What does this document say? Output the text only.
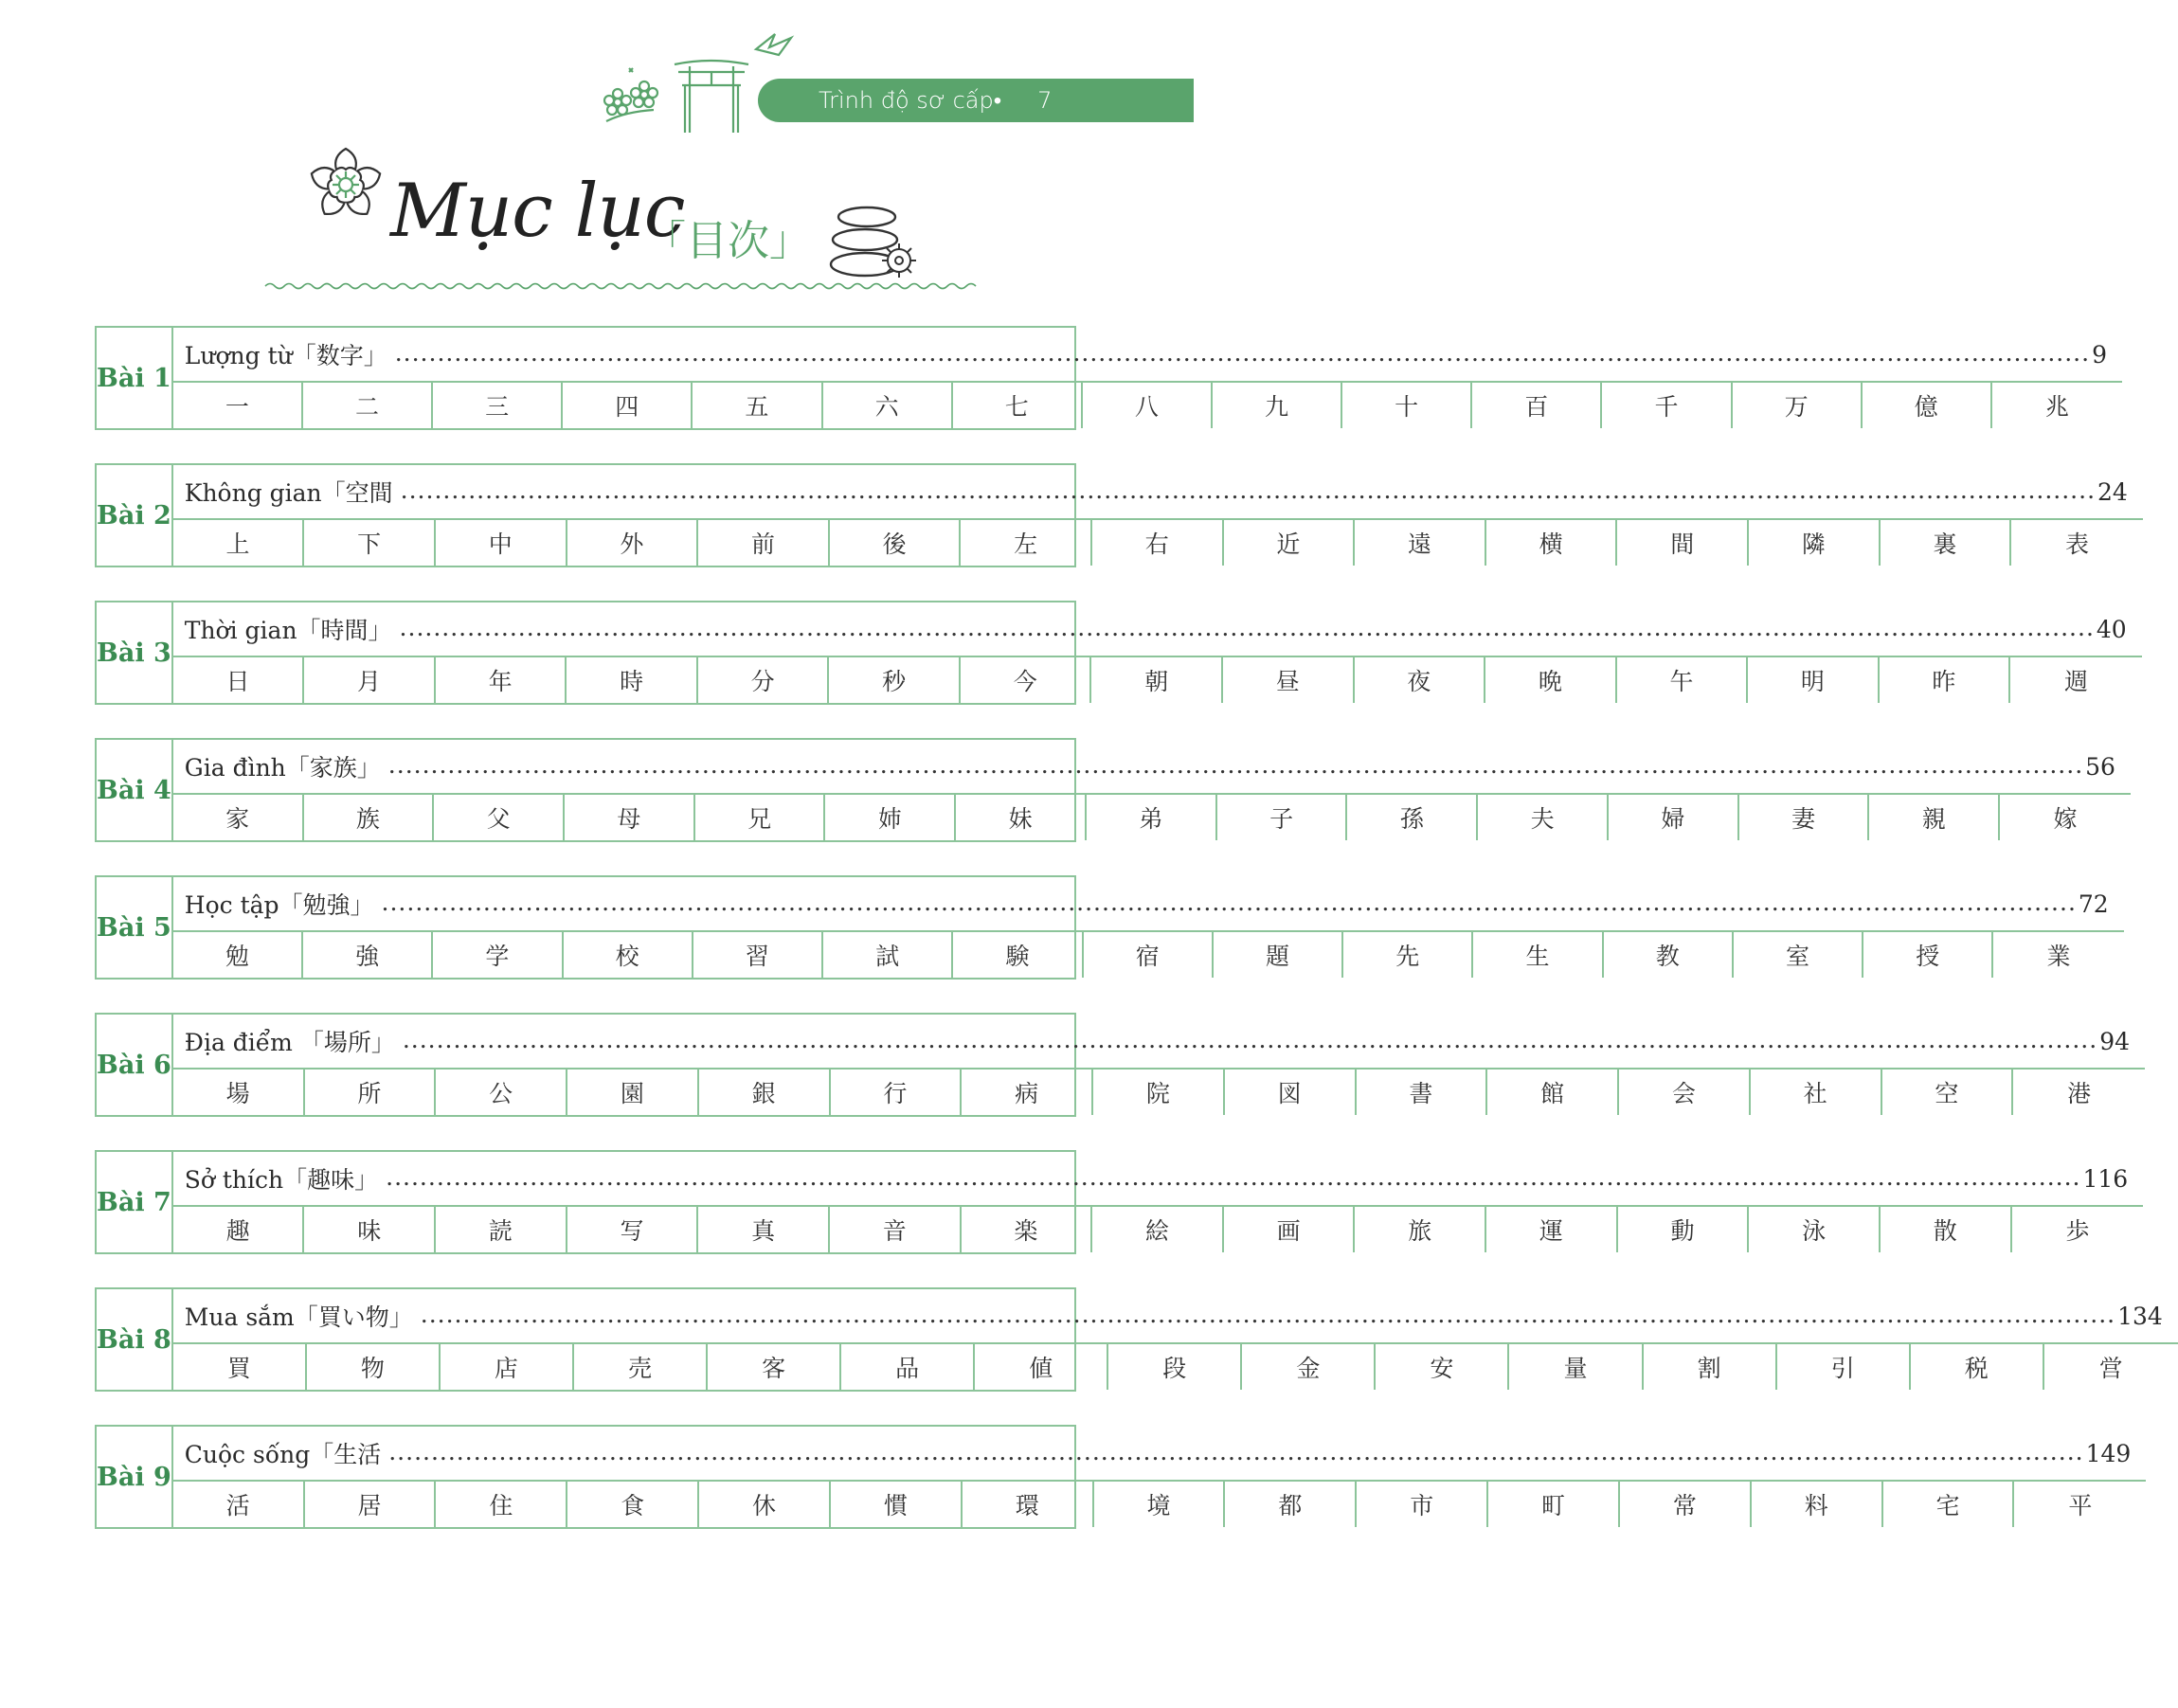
Trình độ sơ cấp• 7
Mục lục
「目次」
Bài 1
Lượng từ「数字」 ........................................................................................................................................................................................................ 9
一	二	三	四	五	六	七	八	九	十	百	千	万	億	兆
Bài 2
Không gian「空間 ........................................................................................................................................................................................................ 24
上	下	中	外	前	後	左	右	近	遠	横	間	隣	裏	表
Bài 3
Thời gian「時間」 ........................................................................................................................................................................................................ 40
日	月	年	時	分	秒	今	朝	昼	夜	晩	午	明	昨	週
Bài 4
Gia đình「家族」 ........................................................................................................................................................................................................ 56
家	族	父	母	兄	姉	妹	弟	子	孫	夫	婦	妻	親	嫁
Bài 5
Học tập「勉強」 ........................................................................................................................................................................................................ 72
勉	強	学	校	習	試	験	宿	題	先	生	教	室	授	業
Bài 6
Địa điểm 「場所」 ........................................................................................................................................................................................................ 94
場	所	公	園	銀	行	病	院	図	書	館	会	社	空	港
Bài 7
Sở thích「趣味」 ........................................................................................................................................................................................................ 116
趣	味	読	写	真	音	楽	絵	画	旅	運	動	泳	散	歩
Bài 8
Mua sắm「買い物」 ........................................................................................................................................................................................................ 134
買	物	店	売	客	品	値	段	金	安	量	割	引	税	営
Bài 9
Cuộc sống「生活 ........................................................................................................................................................................................................ 149
活	居	住	食	休	慣	環	境	都	市	町	常	料	宅	平
